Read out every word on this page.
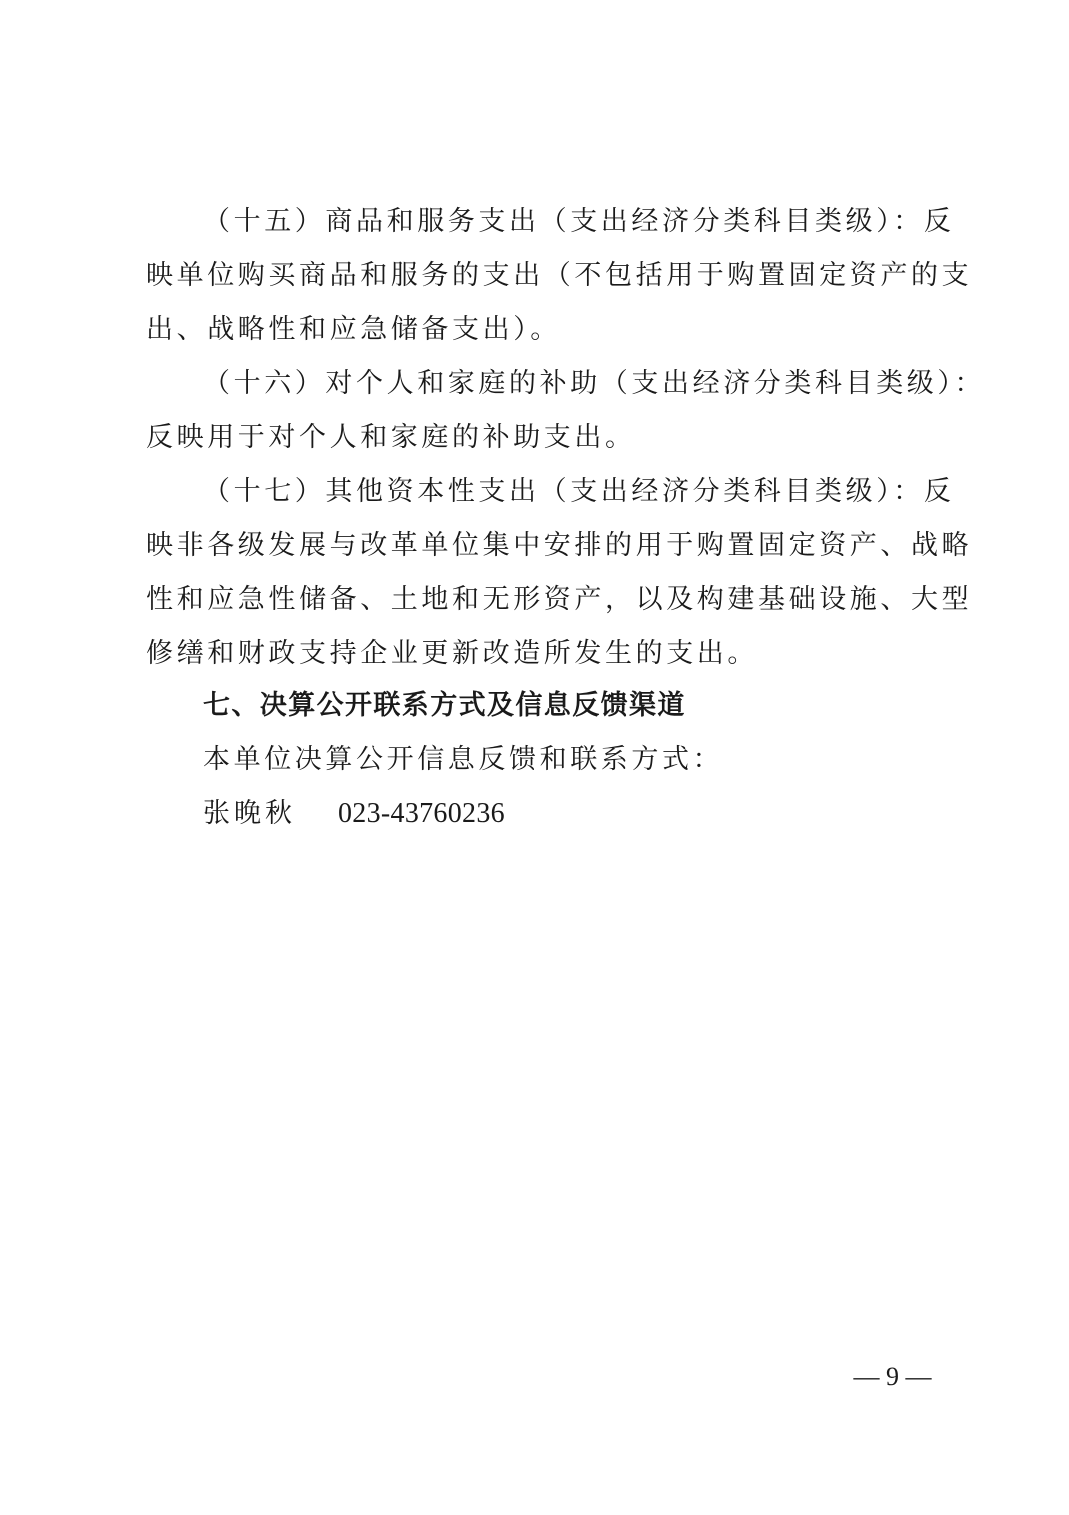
（十五）商品和服务支出（支出经济分类科目类级）：反
映单位购买商品和服务的支出（不包括用于购置固定资产的支
出、战略性和应急储备支出）。
（十六）对个人和家庭的补助（支出经济分类科目类级）：
反映用于对个人和家庭的补助支出。
（十七）其他资本性支出（支出经济分类科目类级）：反
映非各级发展与改革单位集中安排的用于购置固定资产、战略
性和应急性储备、土地和无形资产，以及构建基础设施、大型
修缮和财政支持企业更新改造所发生的支出。
七、决算公开联系方式及信息反馈渠道
本单位决算公开信息反馈和联系方式：
张晚秋 023-43760236
— 9 —
